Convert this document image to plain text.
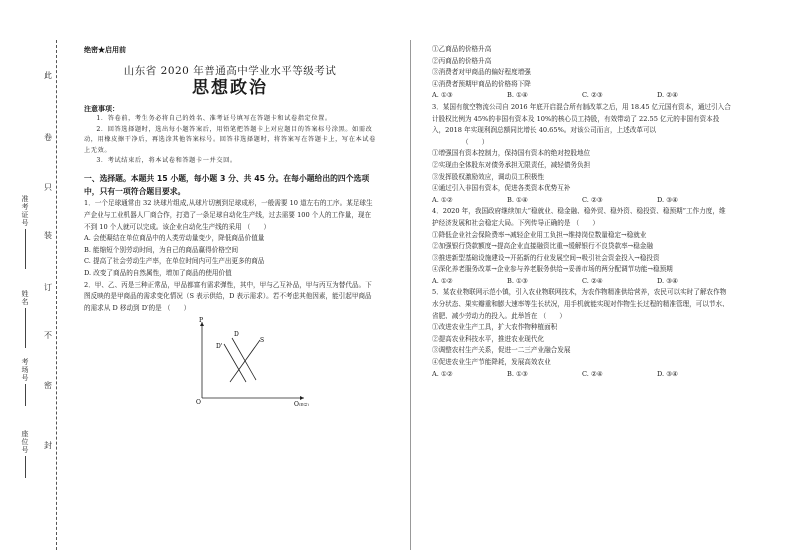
此
卷
只
装
订
不
密
封
准考证号
姓名
考场号
座位号
绝密★启用前
山东省 2020 年普通高中学业水平等级考试
思想政治
注意事项：
1．答卷前，考生务必将自己的姓名、准考证号填写在答题卡和试卷指定位置。
2．回答选择题时，选出每小题答案后，用铅笔把答题卡上对应题目的答案标号涂黑。如需改动，用橡皮擦干净后，再选涂其他答案标号。回答非选择题时，将答案写在答题卡上，写在本试卷上无效。
3．考试结束后，将本试卷和答题卡一并交回。
一、选择题。本题共 15 小题，每小题 3 分、共 45 分。在每小题给出的四个选项中，只有一项符合题目要求。
1．一个足球通常由 32 块球片组成,从球片切割到足球成形，一般需要 10 道左右的工序。某足球生产企业与工业机器人厂商合作，打造了一条足球自动化生产线，过去需要 100 个人的工作量，现在不到 10 个人就可以完成。该企业自动化生产线的采用 （　　）
A. 会使凝结在单位商品中的人类劳动量变少，降低商品价值量
B. 能缩短个别劳动时间，为自己的商品赢得价格空间
C. 提高了社会劳动生产率，在单位时间内可生产出更多的商品
D. 改变了商品的自然属性，增加了商品的使用价值
2．甲、乙、丙是三种正常品，甲品都富有需求弹性，其中，甲与乙互补品，甲与丙互为替代品。下图反映的是甲商品的需求变化情况（S 表示供给，D 表示需求）。若不考虑其他因素，能引起甲商品的需求从 D 移动到 D′的是 （　　）
P
O	Q (数量)
D'
D
S
①乙商品的价格升高
②丙商品的价格升高
③消费者对甲商品的偏好程度增强
④消费者预期甲商品的价格将下降
A. ①③	B. ①④	C. ②③	D. ②④
3．某国有航空物流公司自 2016 年底开启混合所有制改革之后，用 18.45 亿元国有资本，通过引入合计股权比例为 45%的非国有资本及 10%的核心员工持股，有效带动了 22.55 亿元的非国有资本投入，2018 年实现利润总额同比增长 40.65%。对该公司而言，上述改革可以
（　　）
①增强国有资本控制力，保持国有资本的绝对控股地位
②实现由全体股东对债务承担无限责任，减轻债务负担
③发挥股权激励效应，调动员工积极性
④通过引入非国有资本，促进各类资本优势互补
A. ①②	B. ①④	C. ②③	D. ③④
4．2020 年，我国政府继续加大“稳就业、稳金融、稳外贸、稳外资、稳投资、稳预期”工作力度，维护经济发展和社会稳定大局。下列传导正确的是 （　　）
①降低企业社会保险费率→减轻企业用工负担→维持岗位数量稳定→稳就业
②加强银行贷款额度→提高企业直接融资比重→缓解银行不良贷款率→稳金融
③推进新型基础设施建设→开拓新的行业发展空间→吸引社会资金投入→稳投资
④深化养老服务改革→企业参与养老服务供给→妥善市场的两分配调节功能→稳预期
A. ①②	B. ①③	C. ②④	D. ③④
5．某农业物联网示范小镇，引入农业物联网技术，为农作物精准供给营养，农民可以实时了解农作物水分状态、果实瓣重和膨大速率等生长状况，用手机就能实现对作物生长过程的精准管理，可以节水、省肥、减少劳动力的投入。此举旨在 （　　）
①改进农业生产工具，扩大农作物种植面积
②提高农业科技水平，推进农业现代化
③调整农村生产关系，促进一二三产业融合发展
④促进农业生产节能降耗，发展高效农业
A. ①②	B. ①③	C. ②④	D. ③④
